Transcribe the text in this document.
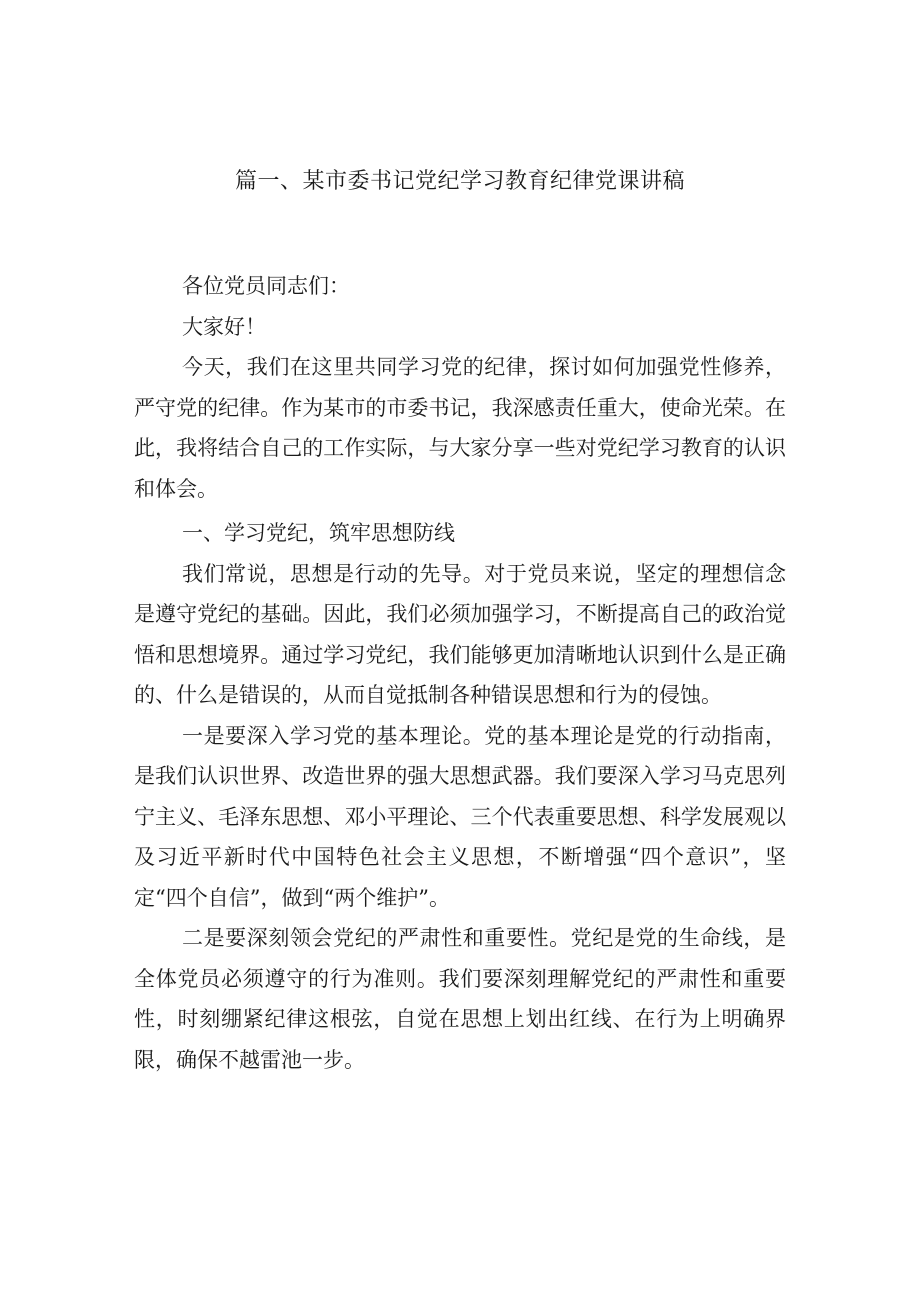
篇一、某市委书记党纪学习教育纪律党课讲稿

各位党员同志们：

大家好！

今天，我们在这里共同学习党的纪律，探讨如何加强党性修养，严守党的纪律。作为某市的市委书记，我深感责任重大，使命光荣。在此，我将结合自己的工作实际，与大家分享一些对党纪学习教育的认识和体会。

一、学习党纪，筑牢思想防线

我们常说，思想是行动的先导。对于党员来说，坚定的理想信念是遵守党纪的基础。因此，我们必须加强学习，不断提高自己的政治觉悟和思想境界。通过学习党纪，我们能够更加清晰地认识到什么是正确的、什么是错误的，从而自觉抵制各种错误思想和行为的侵蚀。

一是要深入学习党的基本理论。党的基本理论是党的行动指南，是我们认识世界、改造世界的强大思想武器。我们要深入学习马克思列宁主义、毛泽东思想、邓小平理论、三个代表重要思想、科学发展观以及习近平新时代中国特色社会主义思想，不断增强“四个意识”，坚定“四个自信”，做到“两个维护”。

二是要深刻领会党纪的严肃性和重要性。党纪是党的生命线，是全体党员必须遵守的行为准则。我们要深刻理解党纪的严肃性和重要性，时刻绷紧纪律这根弦，自觉在思想上划出红线、在行为上明确界限，确保不越雷池一步。
